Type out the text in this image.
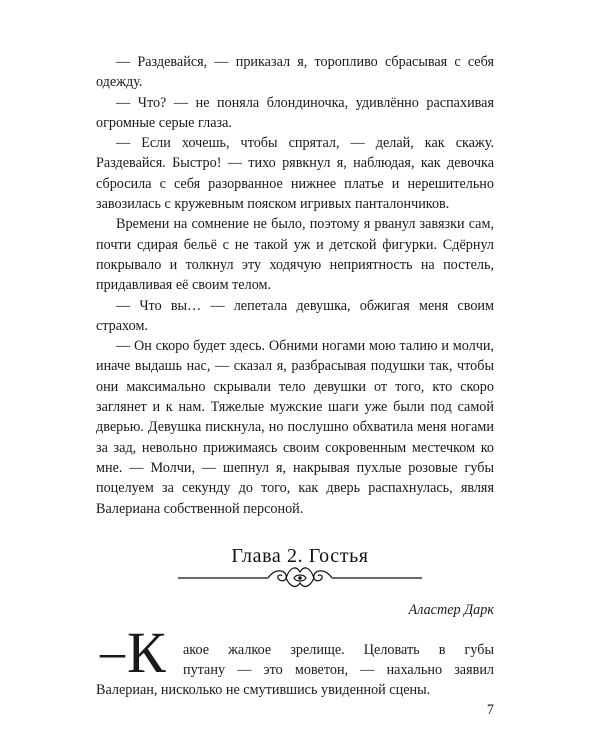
— Раздевайся, — приказал я, торопливо сбрасывая с себя одежду.

— Что? — не поняла блондиночка, удивлённо распахивая огромные серые глаза.

— Если хочешь, чтобы спрятал, — делай, как скажу. Раздевайся. Быстро! — тихо рявкнул я, наблюдая, как девочка сбросила с себя разорванное нижнее платье и нерешительно завозилась с кружевным пояском игривых панталончиков.

Времени на сомнение не было, поэтому я рванул завязки сам, почти сдирая бельё с не такой уж и детской фигурки. Сдёрнул покрывало и толкнул эту ходячую неприятность на постель, придавливая её своим телом.

— Что вы… — лепетала девушка, обжигая меня своим страхом.

— Он скоро будет здесь. Обними ногами мою талию и молчи, иначе выдашь нас, — сказал я, разбрасывая подушки так, чтобы они максимально скрывали тело девушки от того, кто скоро заглянет и к нам. Тяжелые мужские шаги уже были под самой дверью. Девушка пискнула, но послушно обхватила меня ногами за зад, невольно прижимаясь своим сокровенным местечком ко мне. — Молчи, — шепнул я, накрывая пухлые розовые губы поцелуем за секунду до того, как дверь распахнулась, являя Валериана собственной персоной.

Глава 2. Гостья
Аластер Дарк
– К акое жалкое зрелище. Целовать в губы
путану — это моветон, — нахально заявил
Валериан, нисколько не смутившись увиденной сцены.
7
